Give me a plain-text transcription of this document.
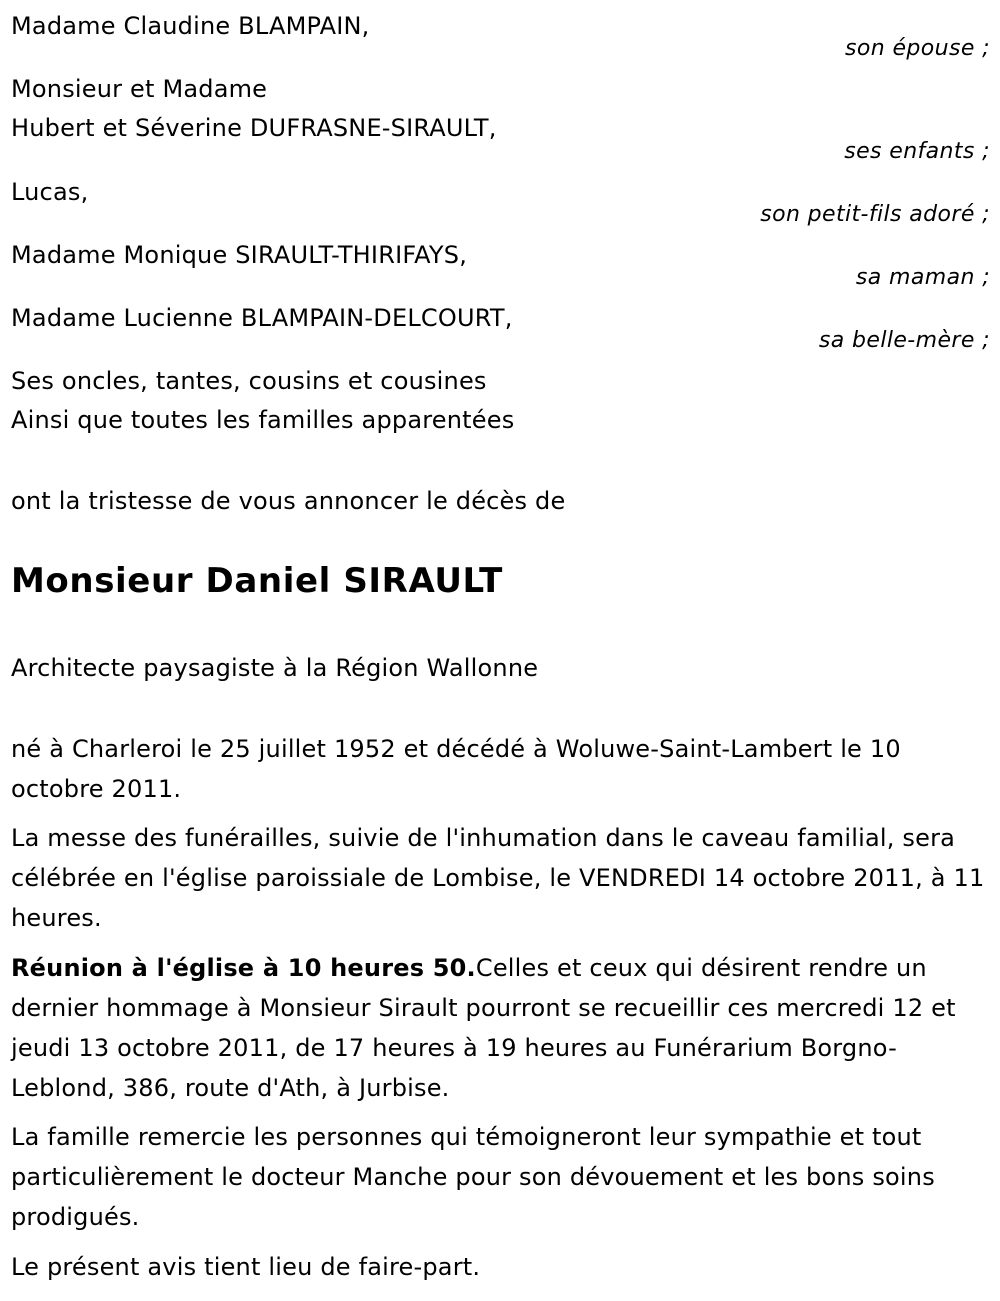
Madame Claudine BLAMPAIN,
son épouse ;
Monsieur et Madame
Hubert et Séverine DUFRASNE-SIRAULT,
ses enfants ;
Lucas,
son petit-fils adoré ;
Madame Monique SIRAULT-THIRIFAYS,
sa maman ;
Madame Lucienne BLAMPAIN-DELCOURT,
sa belle-mère ;
Ses oncles, tantes, cousins et cousines
Ainsi que toutes les familles apparentées
ont la tristesse de vous annoncer le décès de
Monsieur Daniel SIRAULT
Architecte paysagiste à la Région Wallonne
né à Charleroi le 25 juillet 1952 et décédé à Woluwe-Saint-Lambert le 10 octobre 2011.
La messe des funérailles, suivie de l'inhumation dans le caveau familial, sera célébrée en l'église paroissiale de Lombise, le VENDREDI 14 octobre 2011, à 11 heures.
Réunion à l'église à 10 heures 50.Celles et ceux qui désirent rendre un dernier hommage à Monsieur Sirault pourront se recueillir ces mercredi 12 et jeudi 13 octobre 2011, de 17 heures à 19 heures au Funérarium Borgno-Leblond, 386, route d'Ath, à Jurbise.
La famille remercie les personnes qui témoigneront leur sympathie et tout particulièrement le docteur Manche pour son dévouement et les bons soins prodigués.
Le présent avis tient lieu de faire-part.
